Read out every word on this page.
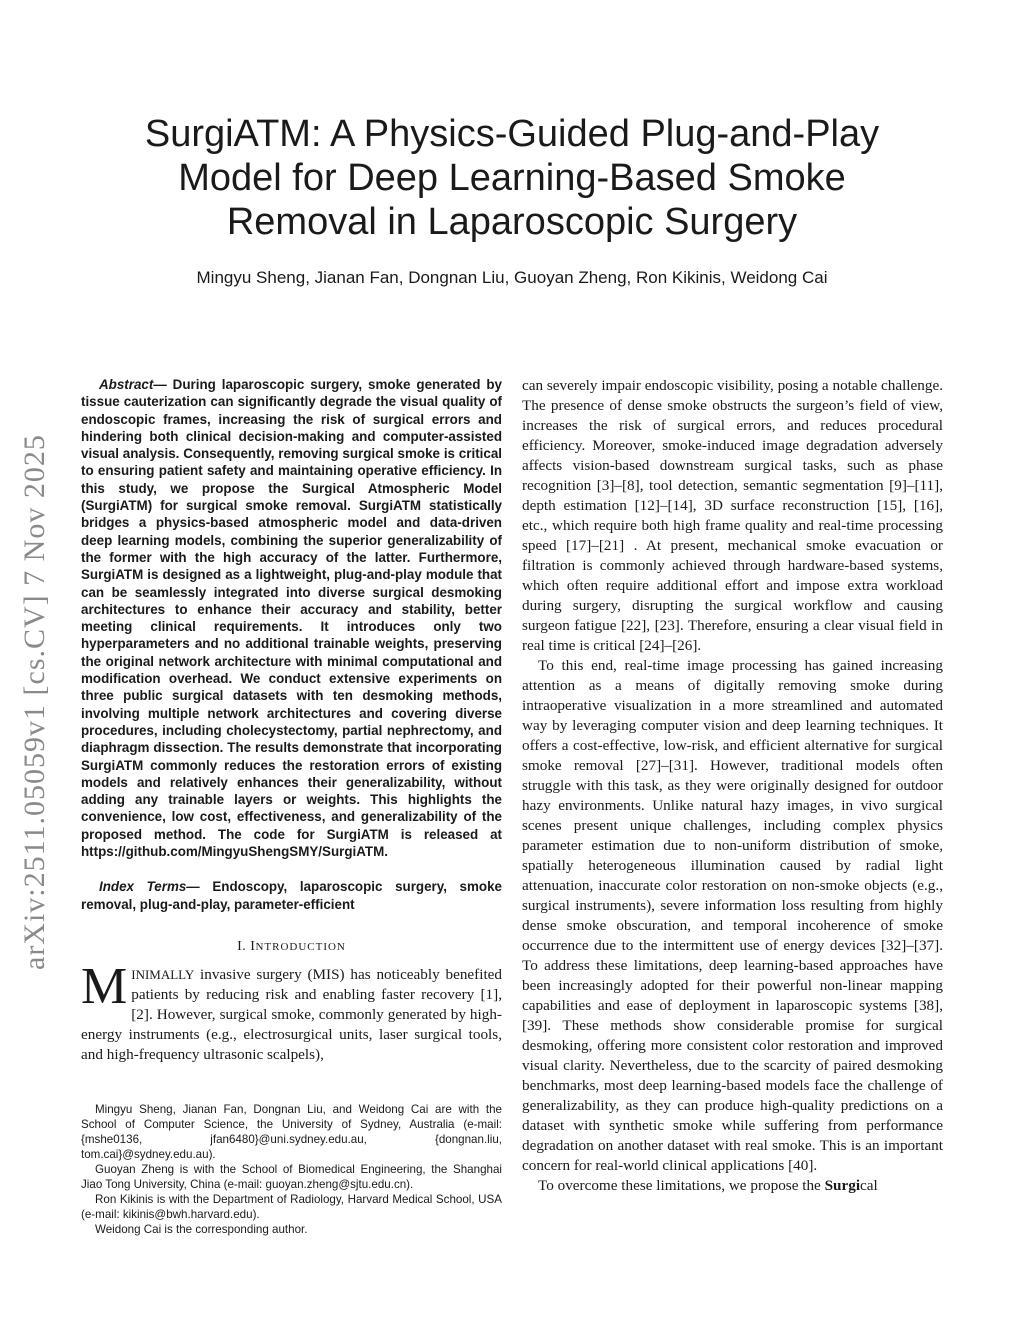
arXiv:2511.05059v1 [cs.CV] 7 Nov 2025
SurgiATM: A Physics-Guided Plug-and-Play
Model for Deep Learning-Based Smoke
Removal in Laparoscopic Surgery

Mingyu Sheng, Jianan Fan, Dongnan Liu, Guoyan Zheng, Ron Kikinis, Weidong Cai

Abstract— During laparoscopic surgery, smoke generated by tissue cauterization can significantly degrade the visual quality of endoscopic frames, increasing the risk of surgical errors and hindering both clinical decision-making and computer-assisted visual analysis. Consequently, removing surgical smoke is critical to ensuring patient safety and maintaining operative efficiency. In this study, we propose the Surgical Atmospheric Model (SurgiATM) for surgical smoke removal. SurgiATM statistically bridges a physics-based atmospheric model and data-driven deep learning models, combining the superior generalizability of the former with the high accuracy of the latter. Furthermore, SurgiATM is designed as a lightweight, plug-and-play module that can be seamlessly integrated into diverse surgical desmoking architectures to enhance their accuracy and stability, better meeting clinical requirements. It introduces only two hyperparameters and no additional trainable weights, preserving the original network architecture with minimal computational and modification overhead. We conduct extensive experiments on three public surgical datasets with ten desmoking methods, involving multiple network architectures and covering diverse procedures, including cholecystectomy, partial nephrectomy, and diaphragm dissection. The results demonstrate that incorporating SurgiATM commonly reduces the restoration errors of existing models and relatively enhances their generalizability, without adding any trainable layers or weights. This highlights the convenience, low cost, effectiveness, and generalizability of the proposed method. The code for SurgiATM is released at https://github.com/MingyuShengSMY/SurgiATM.

Index Terms— Endoscopy, laparoscopic surgery, smoke removal, plug-and-play, parameter-efficient

I. INTRODUCTION

MINIMALLY invasive surgery (MIS) has noticeably benefited patients by reducing risk and enabling faster recovery [1], [2]. However, surgical smoke, commonly generated by high-energy instruments (e.g., electrosurgical units, laser surgical tools, and high-frequency ultrasonic scalpels),

Mingyu Sheng, Jianan Fan, Dongnan Liu, and Weidong Cai are with the School of Computer Science, the University of Sydney, Australia (e-mail: {mshe0136, jfan6480}@uni.sydney.edu.au, {dongnan.liu, tom.cai}@sydney.edu.au).

Guoyan Zheng is with the School of Biomedical Engineering, the Shanghai Jiao Tong University, China (e-mail: guoyan.zheng@sjtu.edu.cn).

Ron Kikinis is with the Department of Radiology, Harvard Medical School, USA (e-mail: kikinis@bwh.harvard.edu).

Weidong Cai is the corresponding author.

can severely impair endoscopic visibility, posing a notable challenge. The presence of dense smoke obstructs the surgeon’s field of view, increases the risk of surgical errors, and reduces procedural efficiency. Moreover, smoke-induced image degradation adversely affects vision-based downstream surgical tasks, such as phase recognition [3]–[8], tool detection, semantic segmentation [9]–[11], depth estimation [12]–[14], 3D surface reconstruction [15], [16], etc., which require both high frame quality and real-time processing speed [17]–[21] . At present, mechanical smoke evacuation or filtration is commonly achieved through hardware-based systems, which often require additional effort and impose extra workload during surgery, disrupting the surgical workflow and causing surgeon fatigue [22], [23]. Therefore, ensuring a clear visual field in real time is critical [24]–[26].

To this end, real-time image processing has gained increasing attention as a means of digitally removing smoke during intraoperative visualization in a more streamlined and automated way by leveraging computer vision and deep learning techniques. It offers a cost-effective, low-risk, and efficient alternative for surgical smoke removal [27]–[31]. However, traditional models often struggle with this task, as they were originally designed for outdoor hazy environments. Unlike natural hazy images, in vivo surgical scenes present unique challenges, including complex physics parameter estimation due to non-uniform distribution of smoke, spatially heterogeneous illumination caused by radial light attenuation, inaccurate color restoration on non-smoke objects (e.g., surgical instruments), severe information loss resulting from highly dense smoke obscuration, and temporal incoherence of smoke occurrence due to the intermittent use of energy devices [32]–[37]. To address these limitations, deep learning-based approaches have been increasingly adopted for their powerful non-linear mapping capabilities and ease of deployment in laparoscopic systems [38], [39]. These methods show considerable promise for surgical desmoking, offering more consistent color restoration and improved visual clarity. Nevertheless, due to the scarcity of paired desmoking benchmarks, most deep learning-based models face the challenge of generalizability, as they can produce high-quality predictions on a dataset with synthetic smoke while suffering from performance degradation on another dataset with real smoke. This is an important concern for real-world clinical applications [40].

To overcome these limitations, we propose the Surgical
